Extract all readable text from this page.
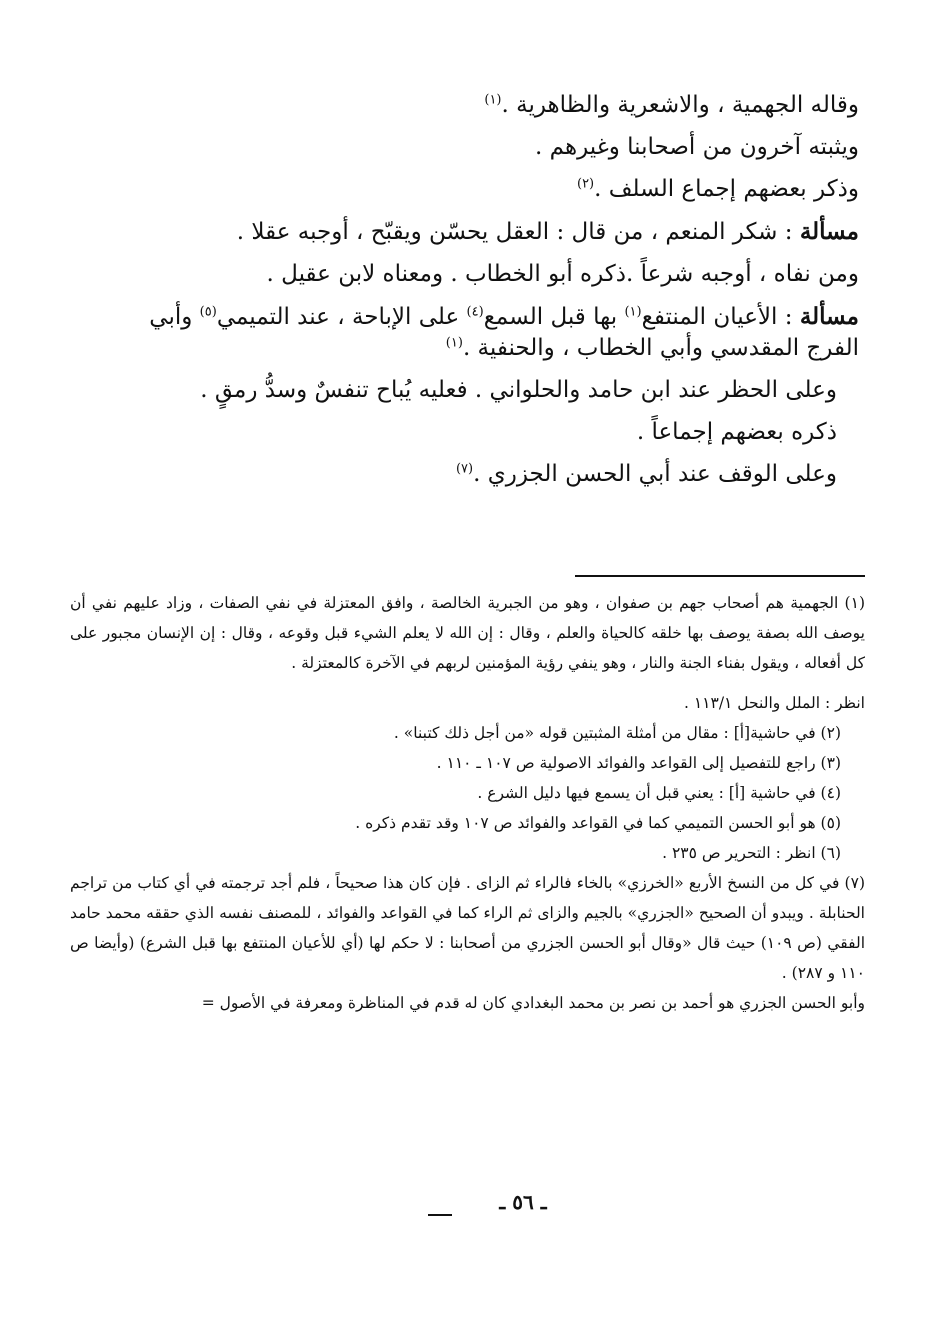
وقاله الجهمية ، والاشعرية والظاهرية .$^{(١)}$

ويثبته آخرون من أصحابنا وغيرهم .

وذكر بعضهم إجماع السلف .$^{(٢)}$

مسألة : شكر المنعم ، من قال : العقل يحسّن ويقبّح ، أوجبه عقلا .

ومن نفاه ، أوجبه شرعاً .ذكره أبو الخطاب . ومعناه لابن عقيل .

مسألة : الأعيان المنتفع$^{(١)}$ بها قبل السمع$^{(٤)}$ على الإباحة ، عند التميمي$^{(٥)}$ وأبي الفرج المقدسي وأبي الخطاب ، والحنفية .$^{(١)}$

وعلى الحظر عند ابن حامد والحلواني . فعليه يُباح تنفسٌ وسدُّ رمقٍ .

ذكره بعضهم إجماعاً .

وعلى الوقف عند أبي الحسن الجزري .$^{(٧)}$

(١) الجهمية هم أصحاب جهم بن صفوان ، وهو من الجبرية الخالصة ، وافق المعتزلة في نفي الصفات ، وزاد عليهم نفي أن يوصف الله بصفة يوصف بها خلقه كالحياة والعلم ، وقال : إن الله لا يعلم الشيء قبل وقوعه ، وقال : إن الإنسان مجبور على كل أفعاله ، ويقول بفناء الجنة والنار ، وهو ينفي رؤية المؤمنين لربهم في الآخرة كالمعتزلة .

انظر : الملل والنحل ١١٣/١ .

(٢) في حاشية[أ] : مقال من أمثلة المثبتين قوله «من أجل ذلك كتبنا» .

(٣) راجع للتفصيل إلى القواعد والفوائد الاصولية ص ١٠٧ ـ ١١٠ .

(٤) في حاشية [أ] : يعني قبل أن يسمع فيها دليل الشرع .

(٥) هو أبو الحسن التميمي كما في القواعد والفوائد ص ١٠٧ وقد تقدم ذكره .

(٦) انظر : التحرير ص ٢٣٥ .

(٧) في كل من النسخ الأربع «الخرزي» بالخاء فالراء ثم الزاى . فإن كان هذا صحيحاً ، فلم أجد ترجمته في أي كتاب من تراجم الحنابلة . ويبدو أن الصحيح «الجزري» بالجيم والزاى ثم الراء كما في القواعد والفوائد ، للمصنف نفسه الذي حققه محمد حامد الفقي (ص ١٠٩) حيث قال «وقال أبو الحسن الجزري من أصحابنا : لا حكم لها (أي للأعيان المنتفع بها قبل الشرع) (وأيضا ص ١١٠ و ٢٨٧) .

وأبو الحسن الجزري هو أحمد بن نصر بن محمد البغدادي كان له قدم في المناظرة ومعرفة في الأصول =

ـ ٥٦ ـ
